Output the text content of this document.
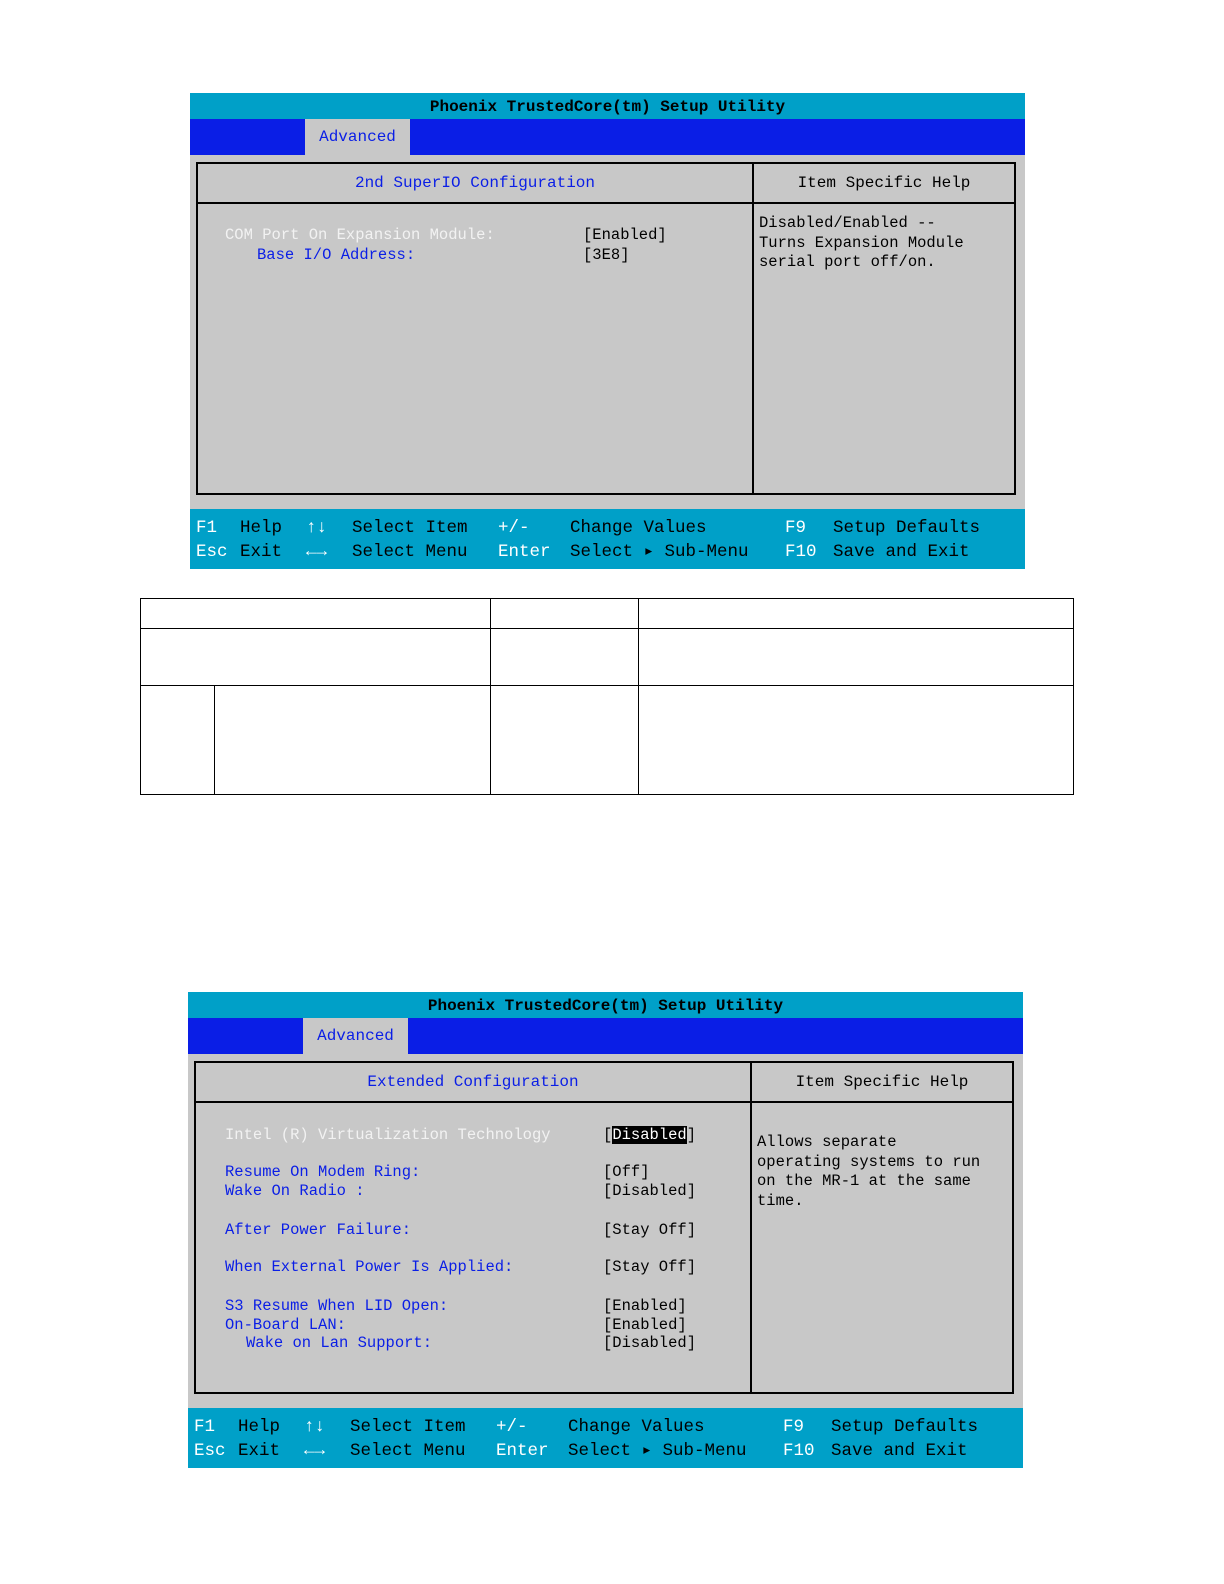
Phoenix TrustedCore(tm) Setup Utility
Advanced
2nd SuperIO Configuration	Item Specific Help
COM Port On Expansion Module:	[Enabled]
Base I/O Address:	[3E8]
Disabled/Enabled --
Turns Expansion Module
serial port off/on.
F1 Help ↑↓ Select Item +/- Change Values	F9 Setup Defaults
Esc Exit ←→ Select Menu Enter Select ▸ Sub-Menu F10 Save and Exit

Phoenix TrustedCore(tm) Setup Utility
Advanced
Extended Configuration	Item Specific Help
Intel (R) Virtualization Technology	[Disabled]
Resume On Modem Ring:	[Off]
Wake On Radio :	[Disabled]
After Power Failure:	[Stay Off]
When External Power Is Applied:	[Stay Off]
S3 Resume When LID Open:	[Enabled]
On-Board LAN:	[Enabled]
Wake on Lan Support:	[Disabled]
Allows separate
operating systems to run
on the MR-1 at the same
time.
F1 Help ↑↓ Select Item +/- Change Values	F9 Setup Defaults
Esc Exit ←→ Select Menu Enter Select ▸ Sub-Menu F10 Save and Exit
